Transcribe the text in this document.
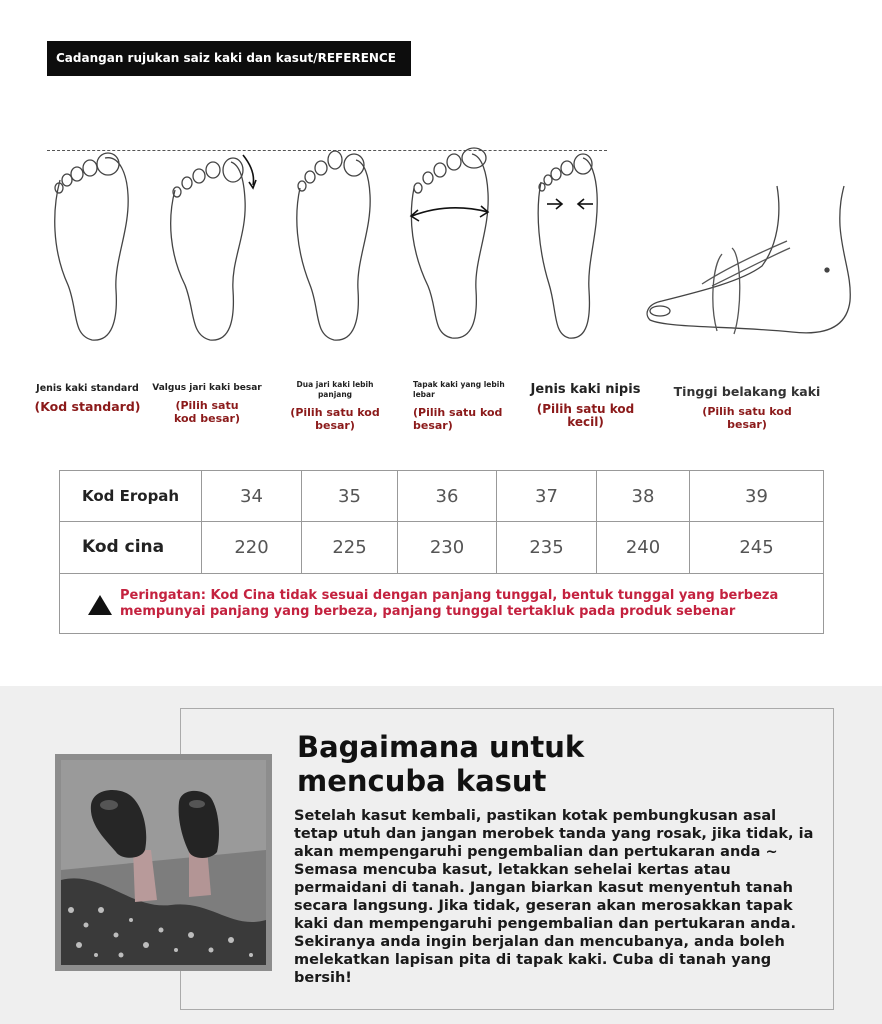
Cadangan rujukan saiz kaki dan kasut/REFERENCE
Jenis kaki standard
(Kod standard)
Valgus jari kaki besar
(Pilih satu kod besar)
Dua jari kaki lebih panjang
(Pilih satu kod besar)
Tapak kaki yang lebih lebar
(Pilih satu kod besar)
Jenis kaki nipis
(Pilih satu kod kecil)
Tinggi belakang kaki
(Pilih satu kod besar)
Kod Eropah	34	35	36	37	38	39
Kod cina	220	225	230	235	240	245
Peringatan: Kod Cina tidak sesuai dengan panjang tunggal, bentuk tunggal yang berbeza mempunyai panjang yang berbeza, panjang tunggal tertakluk pada produk sebenar
Bagaimana untuk
mencuba kasut
Setelah kasut kembali, pastikan kotak pembungkusan asal tetap utuh dan jangan merobek tanda yang rosak, jika tidak, ia akan mempengaruhi pengembalian dan pertukaran anda ~ Semasa mencuba kasut, letakkan sehelai kertas atau permaidani di tanah. Jangan biarkan kasut menyentuh tanah secara langsung. Jika tidak, geseran akan merosakkan tapak kaki dan mempengaruhi pengembalian dan pertukaran anda. Sekiranya anda ingin berjalan dan mencubanya, anda boleh melekatkan lapisan pita di tapak kaki. Cuba di tanah yang bersih!
